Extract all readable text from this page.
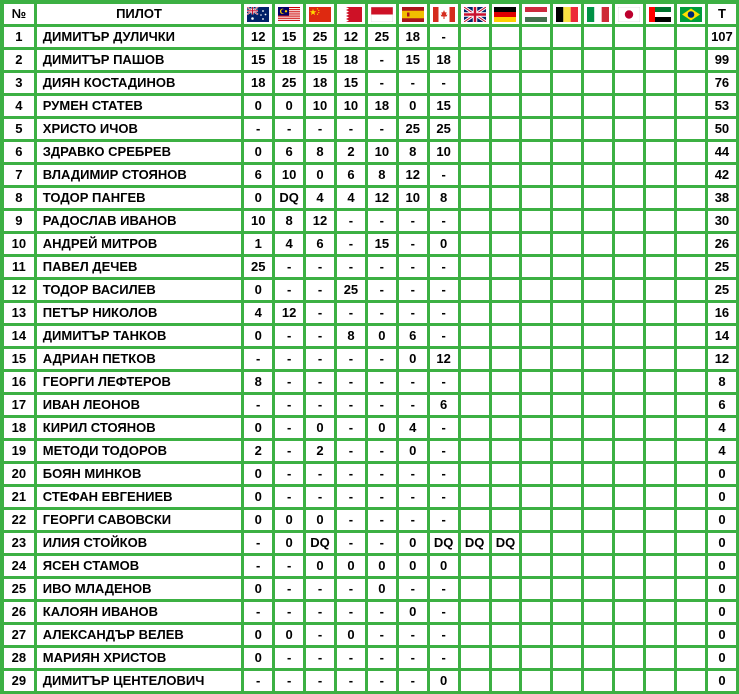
№	ПИЛОТ																T
1	ДИМИТЪР ДУЛИЧКИ	12	15	25	12	25	18	-									107
2	ДИМИТЪР ПАШОВ	15	18	15	18	-	15	18									99
3	ДИЯН КОСТАДИНОВ	18	25	18	15	-	-	-									76
4	РУМЕН СТАТЕВ	0	0	10	10	18	0	15									53
5	ХРИСТО ИЧОВ	-	-	-	-	-	25	25									50
6	ЗДРАВКО СРЕБРЕВ	0	6	8	2	10	8	10									44
7	ВЛАДИМИР СТОЯНОВ	6	10	0	6	8	12	-									42
8	ТОДОР ПАНГЕВ	0	DQ	4	4	12	10	8									38
9	РАДОСЛАВ ИВАНОВ	10	8	12	-	-	-	-									30
10	АНДРЕЙ МИТРОВ	1	4	6	-	15	-	0									26
11	ПАВЕЛ ДЕЧЕВ	25	-	-	-	-	-	-									25
12	ТОДОР ВАСИЛЕВ	0	-	-	25	-	-	-									25
13	ПЕТЪР НИКОЛОВ	4	12	-	-	-	-	-									16
14	ДИМИТЪР ТАНКОВ	0	-	-	8	0	6	-									14
15	АДРИАН ПЕТКОВ	-	-	-	-	-	0	12									12
16	ГЕОРГИ ЛЕФТЕРОВ	8	-	-	-	-	-	-									8
17	ИВАН ЛЕОНОВ	-	-	-	-	-	-	6									6
18	КИРИЛ СТОЯНОВ	0	-	0	-	0	4	-									4
19	МЕТОДИ ТОДОРОВ	2	-	2	-	-	0	-									4
20	БОЯН МИНКОВ	0	-	-	-	-	-	-									0
21	СТЕФАН ЕВГЕНИЕВ	0	-	-	-	-	-	-									0
22	ГЕОРГИ САВОВСКИ	0	0	0	-	-	-	-									0
23	ИЛИЯ СТОЙКОВ	-	0	DQ	-	-	0	DQ	DQ	DQ							0
24	ЯСЕН СТАМОВ	-	-	0	0	0	0	0									0
25	ИВО МЛАДЕНОВ	0	-	-	-	0	-	-									0
26	КАЛОЯН ИВАНОВ	-	-	-	-	-	0	-									0
27	АЛЕКСАНДЪР ВЕЛЕВ	0	0	-	0	-	-	-									0
28	МАРИЯН ХРИСТОВ	0	-	-	-	-	-	-									0
29	ДИМИТЪР ЦЕНТЕЛОВИЧ	-	-	-	-	-	-	0									0
